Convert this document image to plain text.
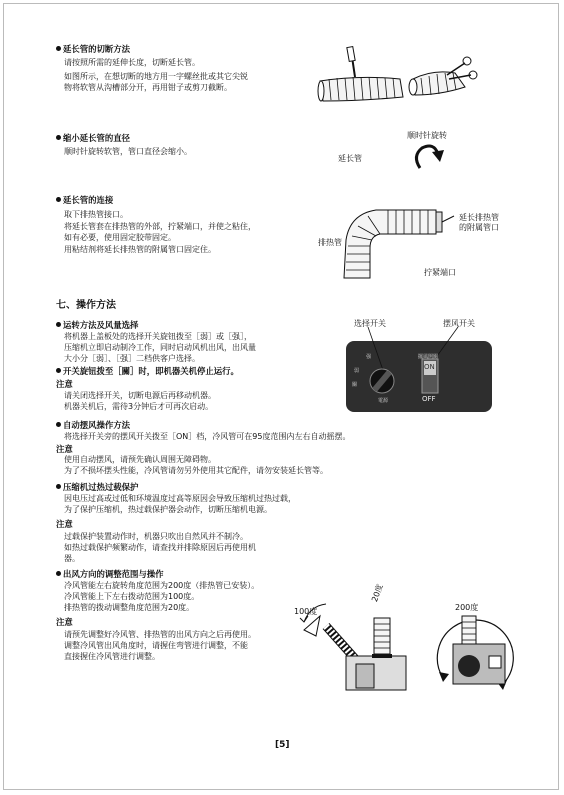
延长管的切断方法
请按照所需的延伸长度，切断延长管。
如图所示，在想切断的地方用一字螺丝批或其它尖锐
物将软管从沟槽部分开，再用钳子或剪刀截断。
缩小延长管的直径
顺时针旋转软管，管口直径会缩小。
顺时针旋转
延长管
延长管的连接
取下排热管接口。
将延长管套在排热管的外部，拧紧端口，并使之粘住，
如有必要，使用固定胶带固定。
用粘结剂将延长排热管的附属管口固定住。
延长排热管
的附属管口
排热管
拧紧端口
七、操作方法
运转方法及风量选择
将机器上盖板处的选择开关旋钮拨至［弱］或［强］，
压缩机立即启动制冷工作，同时启动风机出风，出风量
大小分［弱］、［强］二档供客户选择。
开关旋钮拨至［關］时，即机器关机停止运行。
注意
请关闭选择开关，切断电源后再移动机器。
机器关机后，需待3分钟后才可再次启动。
选择开关	摆风开关
强
弱
關
電源
擺風開關
ON
OFF
自动摆风操作方法
将选择开关旁的摆风开关拨至［ON］档，冷风管可在95度范围内左右自动摇摆。
注意
使用自动摆风，请预先确认周围无障碍物。
为了不损坏摆头性能，冷风管请勿另外使用其它配件，请勿安装延长管等。
压缩机过热过载保护
因电压过高或过低和环境温度过高等原因会导致压缩机过热过载，
为了保护压缩机，热过载保护器会动作，切断压缩机电源。
注意
过载保护装置动作时，机器只吹出自然风并不制冷。
如热过载保护频繁动作，请查找并排除原因后再使用机
器。
出风方向的调整范围与操作
冷风管能左右旋转角度范围为200度（排热管已安装）。
冷风管能上下左右拨动范围为100度。
排热管的拨动调整角度范围为20度。
注意
请预先调整好冷风管、排热管的出风方向之后再使用。
调整冷风管出风角度时，请握住弯管进行调整，不能
直接握住冷风管进行调整。
100度
20度
200度
[5]
